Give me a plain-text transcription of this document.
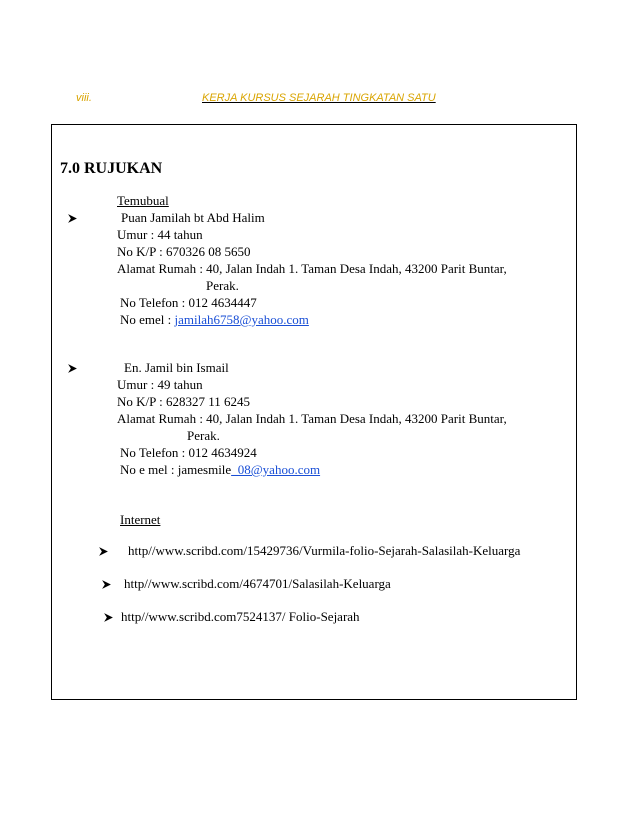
viii.	KERJA KURSUS SEJARAH TINGKATAN SATU
7.0 RUJUKAN
Temubual
Puan Jamilah bt Abd Halim
Umur : 44 tahun
No K/P : 670326 08 5650
Alamat Rumah : 40, Jalan Indah 1. Taman Desa Indah, 43200 Parit Buntar,
Perak.
No Telefon : 012 4634447
No emel : jamilah6758@yahoo.com
En. Jamil bin Ismail
Umur : 49 tahun
No K/P : 628327 11 6245
Alamat Rumah : 40, Jalan Indah 1. Taman Desa Indah, 43200 Parit Buntar,
Perak.
No Telefon : 012 4634924
No e mel : jamesmile_08@yahoo.com
Internet
http//www.scribd.com/15429736/Vurmila-folio-Sejarah-Salasilah-Keluarga
http//www.scribd.com/4674701/Salasilah-Keluarga
http//www.scribd.com7524137/ Folio-Sejarah
